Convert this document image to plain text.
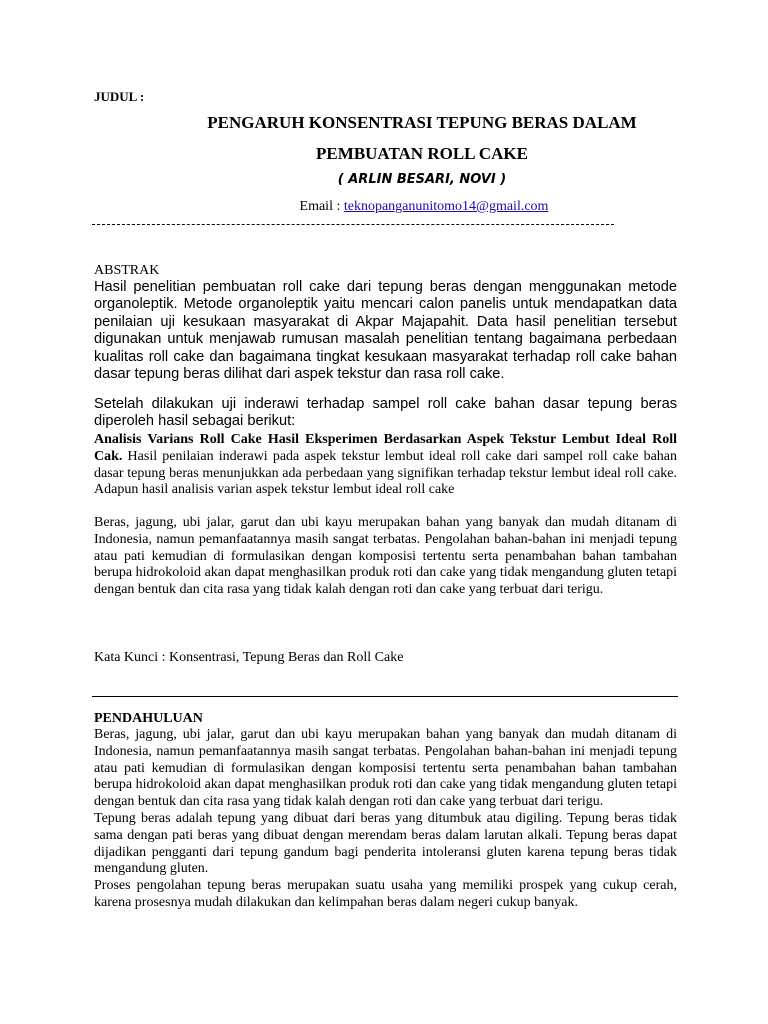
JUDUL :
PENGARUH KONSENTRASI TEPUNG BERAS DALAM
PEMBUATAN ROLL CAKE
( ARLIN BESARI, NOVI )
Email : teknopanganunitomo14@gmail.com
ABSTRAK

Hasil penelitian pembuatan roll cake dari tepung beras dengan menggunakan metode organoleptik. Metode organoleptik yaitu mencari calon panelis untuk mendapatkan data penilaian uji kesukaan masyarakat di Akpar Majapahit. Data hasil penelitian tersebut digunakan untuk menjawab rumusan masalah penelitian tentang bagaimana perbedaan kualitas roll cake dan bagaimana tingkat kesukaan masyarakat terhadap roll cake bahan dasar tepung beras dilihat dari aspek tekstur dan rasa roll cake.

Setelah dilakukan uji inderawi terhadap sampel roll cake bahan dasar tepung beras diperoleh hasil sebagai berikut:

Analisis Varians Roll Cake Hasil Eksperimen Berdasarkan Aspek Tekstur Lembut Ideal Roll Cak. Hasil penilaian inderawi pada aspek tekstur lembut ideal roll cake dari sampel roll cake bahan dasar tepung beras menunjukkan ada perbedaan yang signifikan terhadap tekstur lembut ideal roll cake. Adapun hasil analisis varian aspek tekstur lembut ideal roll cake

Beras, jagung, ubi jalar, garut dan ubi kayu merupakan bahan yang banyak dan mudah ditanam di Indonesia, namun pemanfaatannya masih sangat terbatas. Pengolahan bahan-bahan ini menjadi tepung atau pati kemudian di formulasikan dengan komposisi tertentu serta penambahan bahan tambahan berupa hidrokoloid akan dapat menghasilkan produk roti dan cake yang tidak mengandung gluten tetapi dengan bentuk dan cita rasa yang tidak kalah dengan roti dan cake yang terbuat dari terigu.

Kata Kunci : Konsentrasi, Tepung Beras dan Roll Cake
PENDAHULUAN

Beras, jagung, ubi jalar, garut dan ubi kayu merupakan bahan yang banyak dan mudah ditanam di Indonesia, namun pemanfaatannya masih sangat terbatas. Pengolahan bahan-bahan ini menjadi tepung atau pati kemudian di formulasikan dengan komposisi tertentu serta penambahan bahan tambahan berupa hidrokoloid akan dapat menghasilkan produk roti dan cake yang tidak mengandung gluten tetapi dengan bentuk dan cita rasa yang tidak kalah dengan roti dan cake yang terbuat dari terigu.

Tepung beras adalah tepung yang dibuat dari beras yang ditumbuk atau digiling. Tepung beras tidak sama dengan pati beras yang dibuat dengan merendam beras dalam larutan alkali. Tepung beras dapat dijadikan pengganti dari tepung gandum bagi penderita intoleransi gluten karena tepung beras tidak mengandung gluten.

Proses pengolahan tepung beras merupakan suatu usaha yang memiliki prospek yang cukup cerah, karena prosesnya mudah dilakukan dan kelimpahan beras dalam negeri cukup banyak.
